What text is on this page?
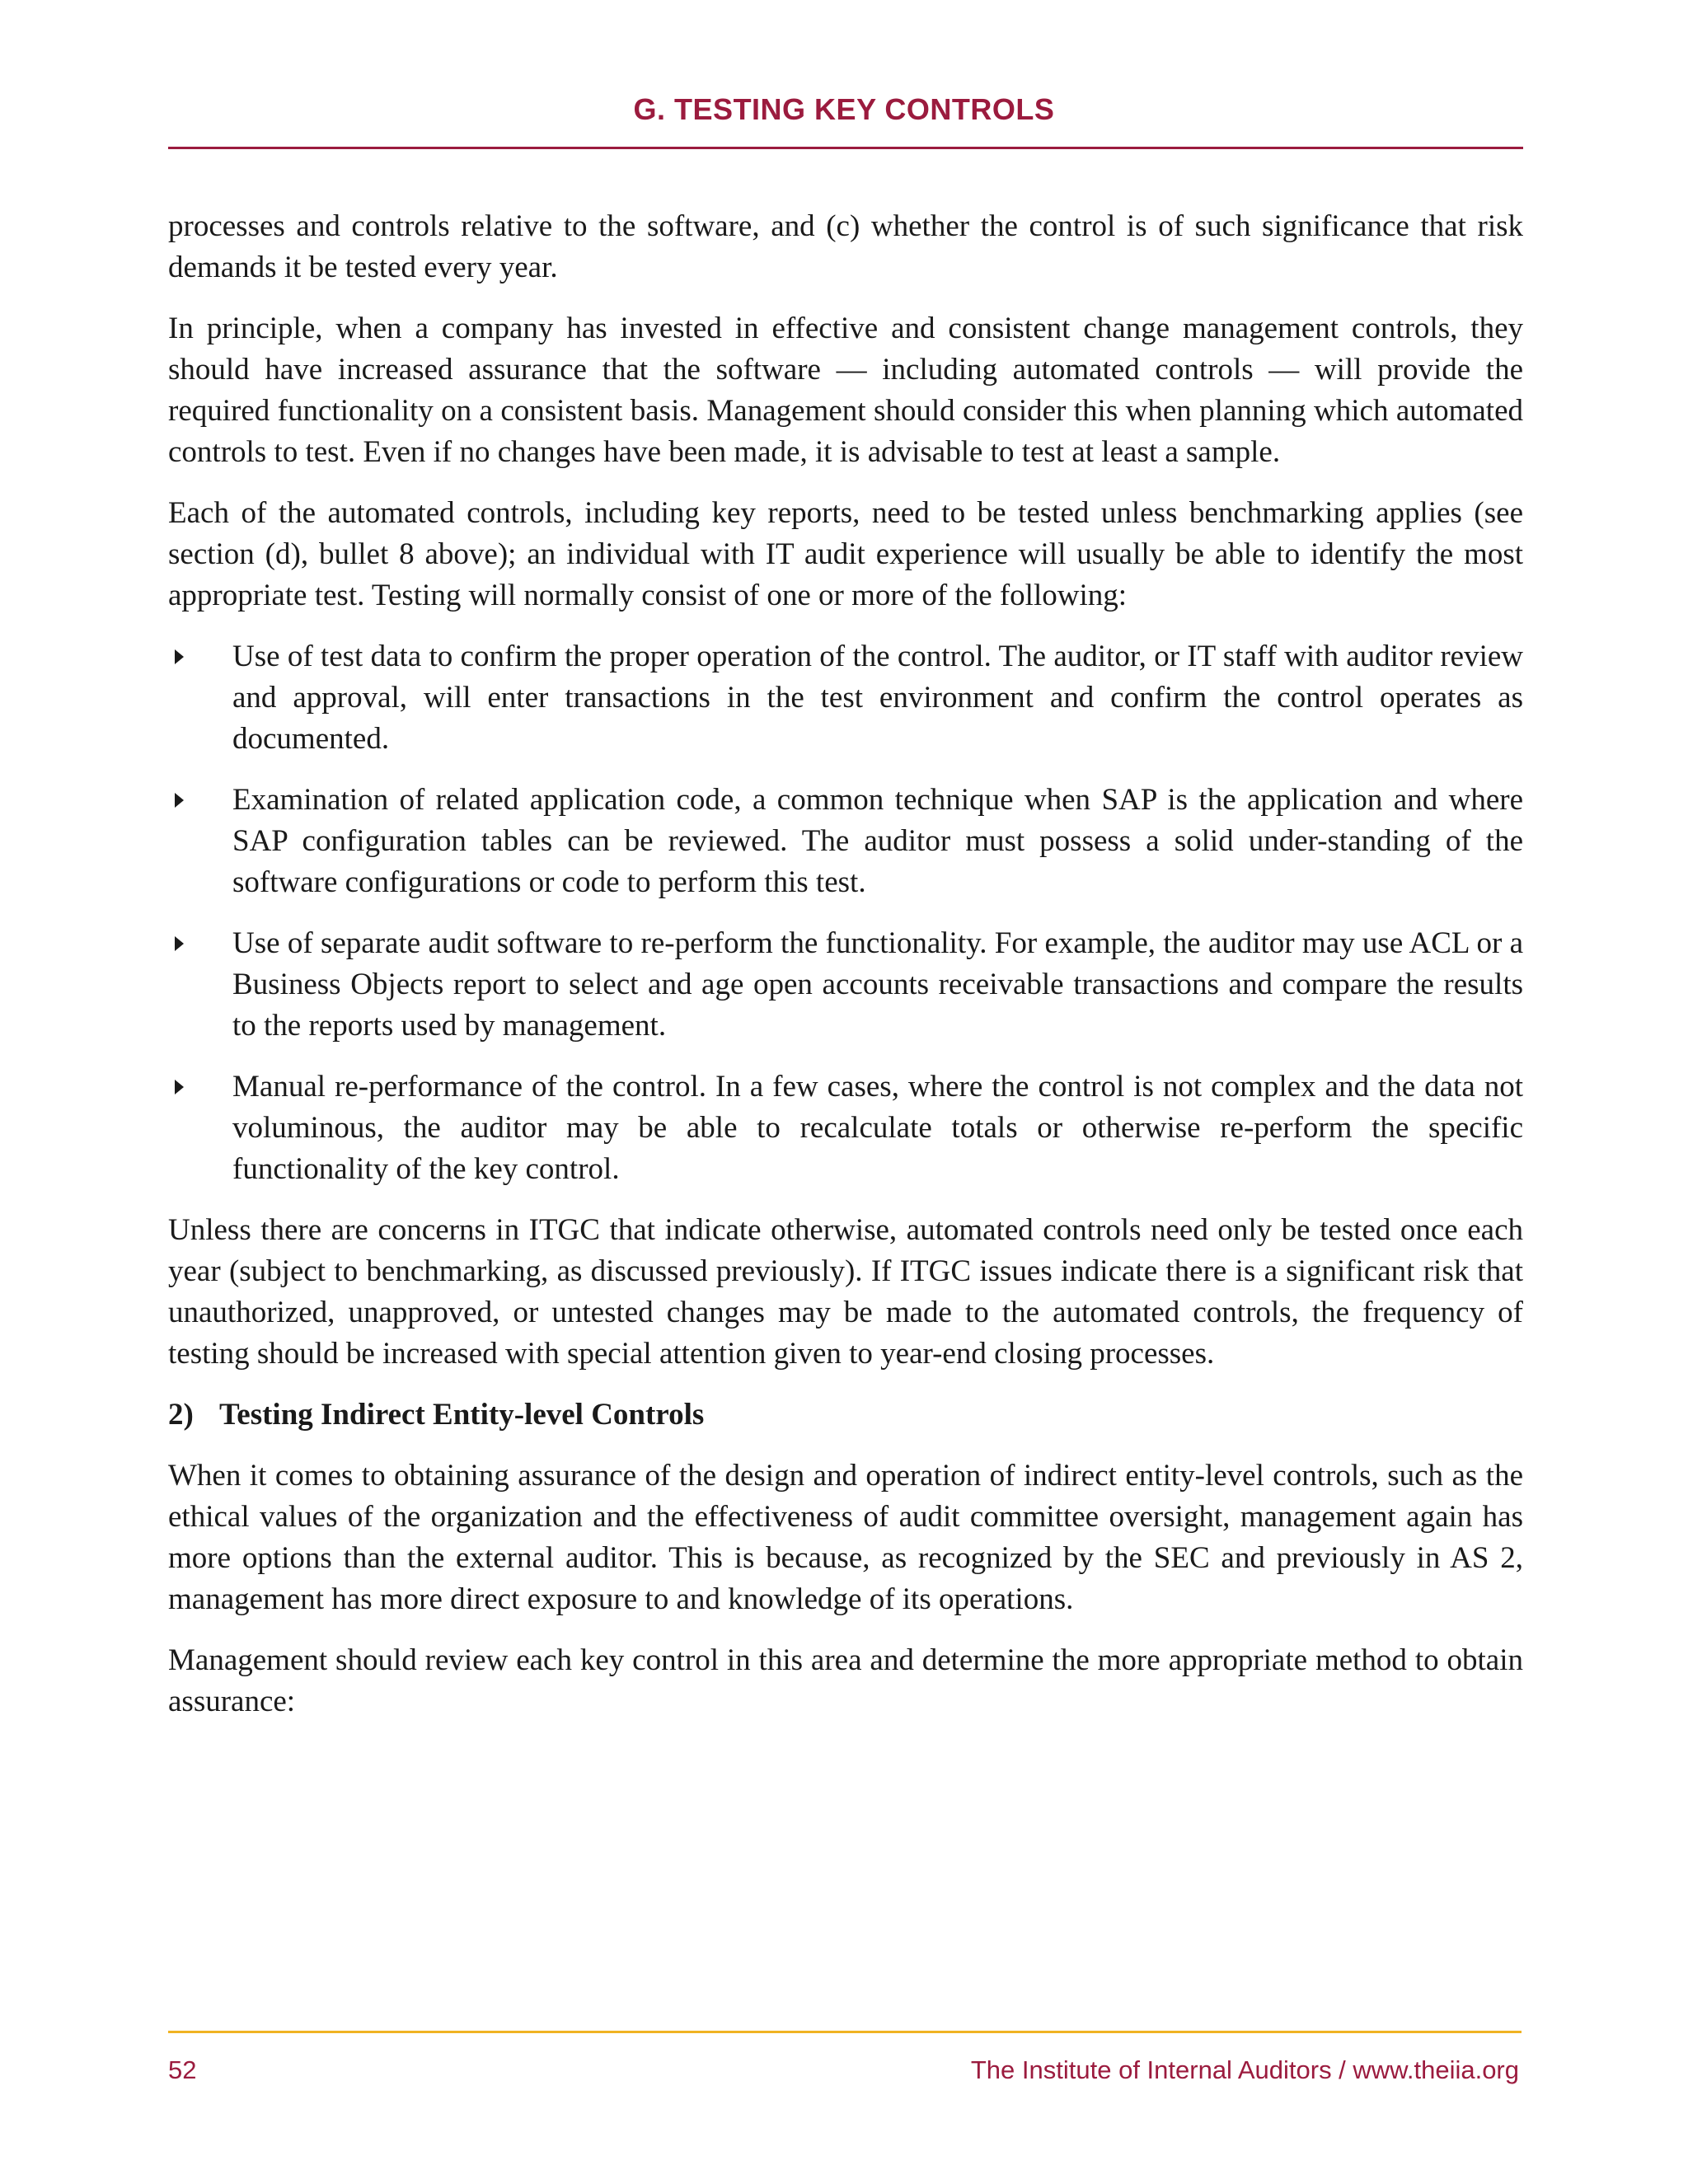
G. TESTING KEY CONTROLS

processes and controls relative to the software, and (c) whether the control is of such significance that risk demands it be tested every year.

In principle, when a company has invested in effective and consistent change management controls, they should have increased assurance that the software — including automated controls — will provide the required functionality on a consistent basis. Management should consider this when planning which automated controls to test. Even if no changes have been made, it is advisable to test at least a sample.

Each of the automated controls, including key reports, need to be tested unless benchmarking applies (see section (d), bullet 8 above); an individual with IT audit experience will usually be able to identify the most appropriate test. Testing will normally consist of one or more of the following:

Use of test data to confirm the proper operation of the control. The auditor, or IT staff with auditor review and approval, will enter transactions in the test environment and confirm the control operates as documented.
Examination of related application code, a common technique when SAP is the application and where SAP configuration tables can be reviewed. The auditor must possess a solid under-standing of the software configurations or code to perform this test.
Use of separate audit software to re-perform the functionality. For example, the auditor may use ACL or a Business Objects report to select and age open accounts receivable transactions and compare the results to the reports used by management.
Manual re-performance of the control. In a few cases, where the control is not complex and the data not voluminous, the auditor may be able to recalculate totals or otherwise re-perform the specific functionality of the key control.

Unless there are concerns in ITGC that indicate otherwise, automated controls need only be tested once each year (subject to benchmarking, as discussed previously). If ITGC issues indicate there is a significant risk that unauthorized, unapproved, or untested changes may be made to the automated controls, the frequency of testing should be increased with special attention given to year-end closing processes.

2) Testing Indirect Entity-level Controls

When it comes to obtaining assurance of the design and operation of indirect entity-level controls, such as the ethical values of the organization and the effectiveness of audit committee oversight, management again has more options than the external auditor. This is because, as recognized by the SEC and previously in AS 2, management has more direct exposure to and knowledge of its operations.

Management should review each key control in this area and determine the more appropriate method to obtain assurance:

52	The Institute of Internal Auditors / www.theiia.org
